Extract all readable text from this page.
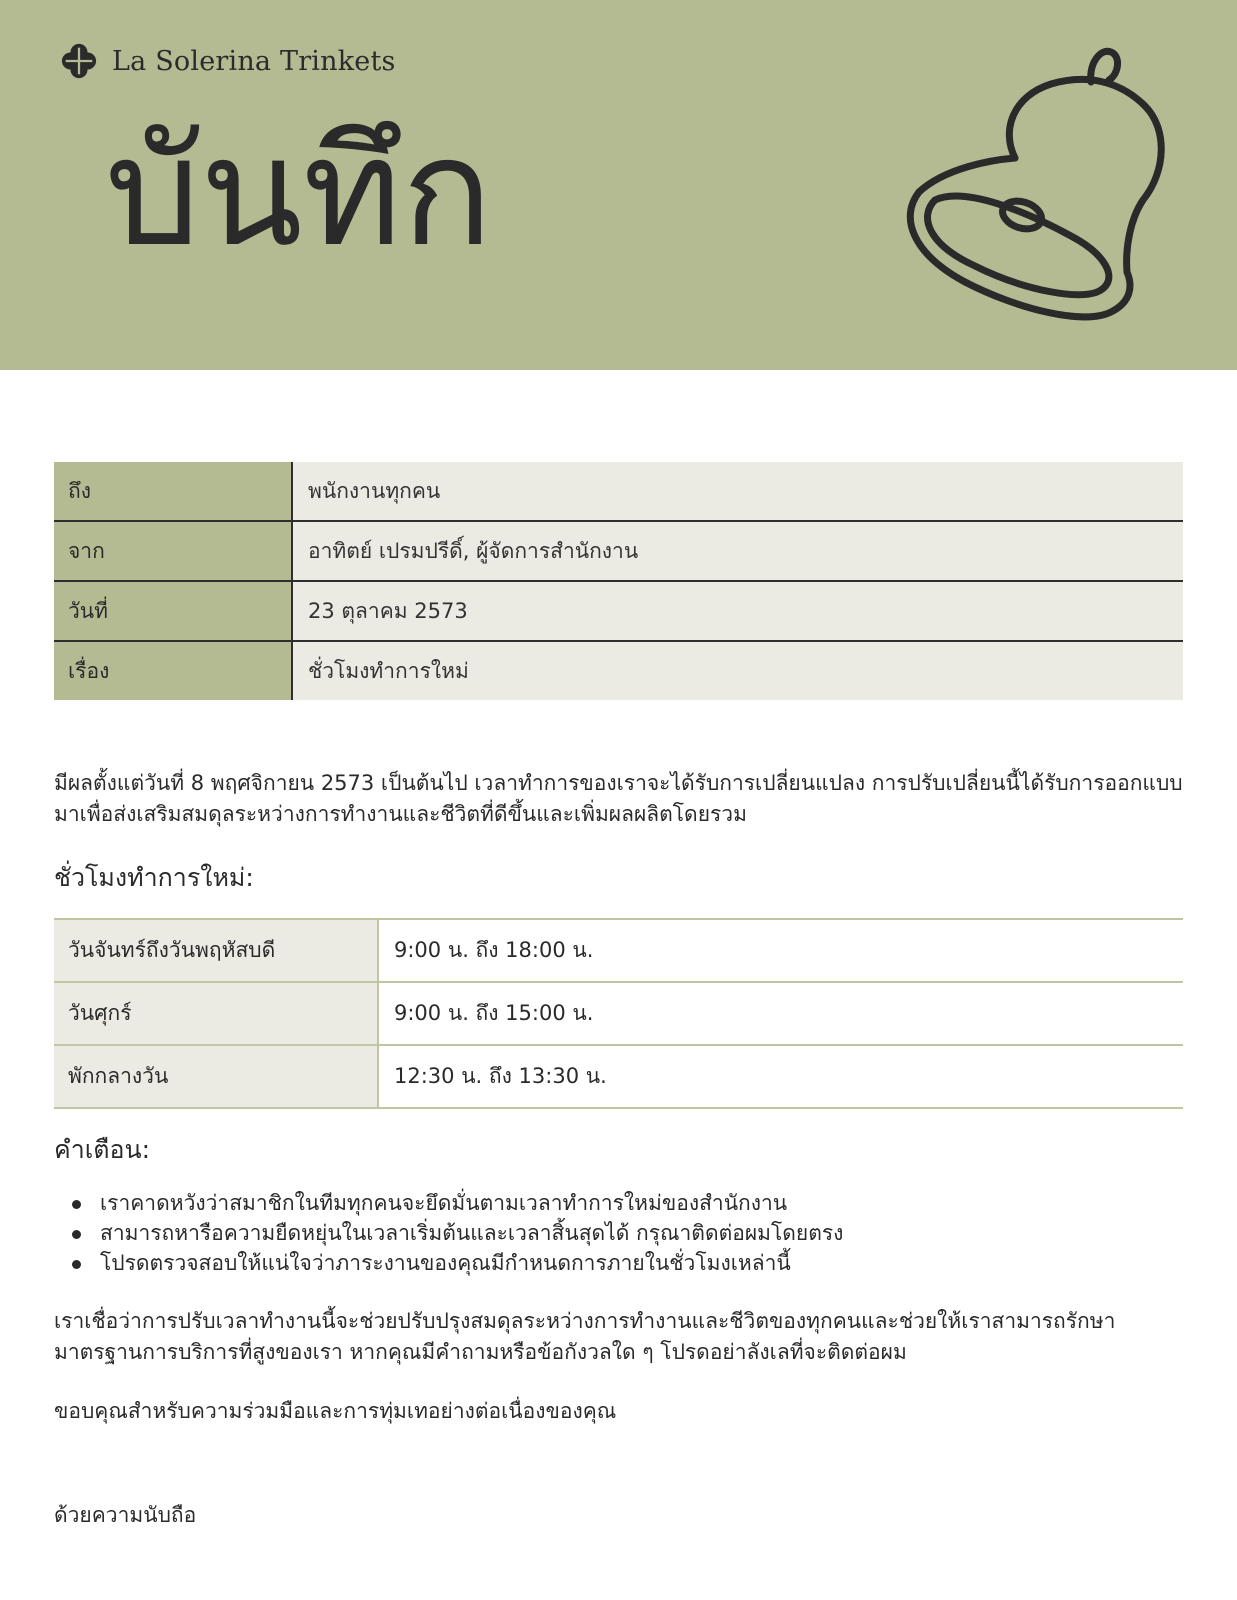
La Solerina Trinkets
บันทึก
ถึง	พนักงานทุกคน
จาก	อาทิตย์ เปรมปรีดิ์, ผู้จัดการสำนักงาน
วันที่	23 ตุลาคม 2573
เรื่อง	ชั่วโมงทำการใหม่
มีผลตั้งแต่วันที่ 8 พฤศจิกายน 2573 เป็นต้นไป เวลาทำการของเราจะได้รับการเปลี่ยนแปลง การปรับเปลี่ยนนี้ได้รับการออกแบบมาเพื่อส่งเสริมสมดุลระหว่างการทำงานและชีวิตที่ดีขึ้นและเพิ่มผลผลิตโดยรวม
ชั่วโมงทำการใหม่:
วันจันทร์ถึงวันพฤหัสบดี	9:00 น. ถึง 18:00 น.
วันศุกร์	9:00 น. ถึง 15:00 น.
พักกลางวัน	12:30 น. ถึง 13:30 น.
คำเตือน:
เราคาดหวังว่าสมาชิกในทีมทุกคนจะยึดมั่นตามเวลาทำการใหม่ของสำนักงาน
สามารถหารือความยืดหยุ่นในเวลาเริ่มต้นและเวลาสิ้นสุดได้ กรุณาติดต่อผมโดยตรง
โปรดตรวจสอบให้แน่ใจว่าภาระงานของคุณมีกำหนดการภายในชั่วโมงเหล่านี้
เราเชื่อว่าการปรับเวลาทำงานนี้จะช่วยปรับปรุงสมดุลระหว่างการทำงานและชีวิตของทุกคนและช่วยให้เราสามารถรักษามาตรฐานการบริการที่สูงของเรา หากคุณมีคำถามหรือข้อกังวลใด ๆ โปรดอย่าลังเลที่จะติดต่อผม
ขอบคุณสำหรับความร่วมมือและการทุ่มเทอย่างต่อเนื่องของคุณ
ด้วยความนับถือ
